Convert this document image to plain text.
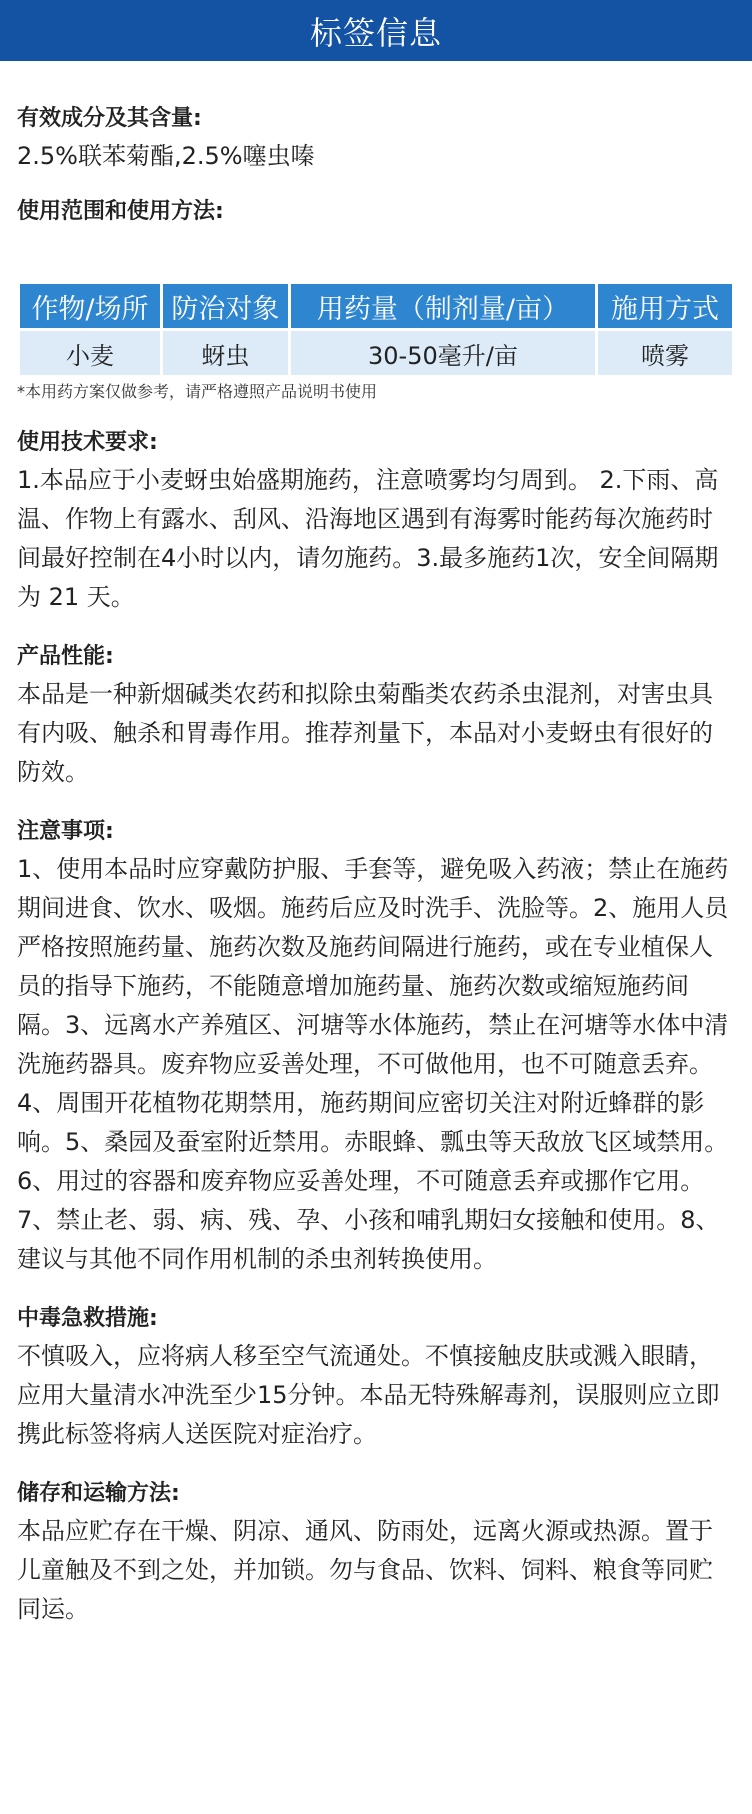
标签信息
有效成分及其含量:
2.5%联苯菊酯,2.5%噻虫嗪
使用范围和使用方法:
作物/场所	防治对象	用药量（制剂量/亩）	施用方式
小麦	蚜虫	30-50毫升/亩	喷雾
*本用药方案仅做参考，请严格遵照产品说明书使用
使用技术要求:
1.本品应于小麦蚜虫始盛期施药，注意喷雾均匀周到。 2.下雨、高温、作物上有露水、刮风、沿海地区遇到有海雾时能药每次施药时间最好控制在4小时以内，请勿施药。3.最多施药1次，安全间隔期为 21 天。
产品性能:
本品是一种新烟碱类农药和拟除虫菊酯类农药杀虫混剂，对害虫具有内吸、触杀和胃毒作用。推荐剂量下，本品对小麦蚜虫有很好的防效。
注意事项:
1、使用本品时应穿戴防护服、手套等，避免吸入药液；禁止在施药期间进食、饮水、吸烟。施药后应及时洗手、洗脸等。2、施用人员严格按照施药量、施药次数及施药间隔进行施药，或在专业植保人员的指导下施药，不能随意增加施药量、施药次数或缩短施药间隔。3、远离水产养殖区、河塘等水体施药，禁止在河塘等水体中清洗施药器具。废弃物应妥善处理，不可做他用，也不可随意丢弃。4、周围开花植物花期禁用，施药期间应密切关注对附近蜂群的影响。5、桑园及蚕室附近禁用。赤眼蜂、瓢虫等天敌放飞区域禁用。6、用过的容器和废弃物应妥善处理，不可随意丢弃或挪作它用。7、禁止老、弱、病、残、孕、小孩和哺乳期妇女接触和使用。8、建议与其他不同作用机制的杀虫剂转换使用。
中毒急救措施:
不慎吸入，应将病人移至空气流通处。不慎接触皮肤或溅入眼睛，应用大量清水冲洗至少15分钟。本品无特殊解毒剂，误服则应立即携此标签将病人送医院对症治疗。
储存和运输方法:
本品应贮存在干燥、阴凉、通风、防雨处，远离火源或热源。置于儿童触及不到之处，并加锁。勿与食品、饮料、饲料、粮食等同贮同运。
